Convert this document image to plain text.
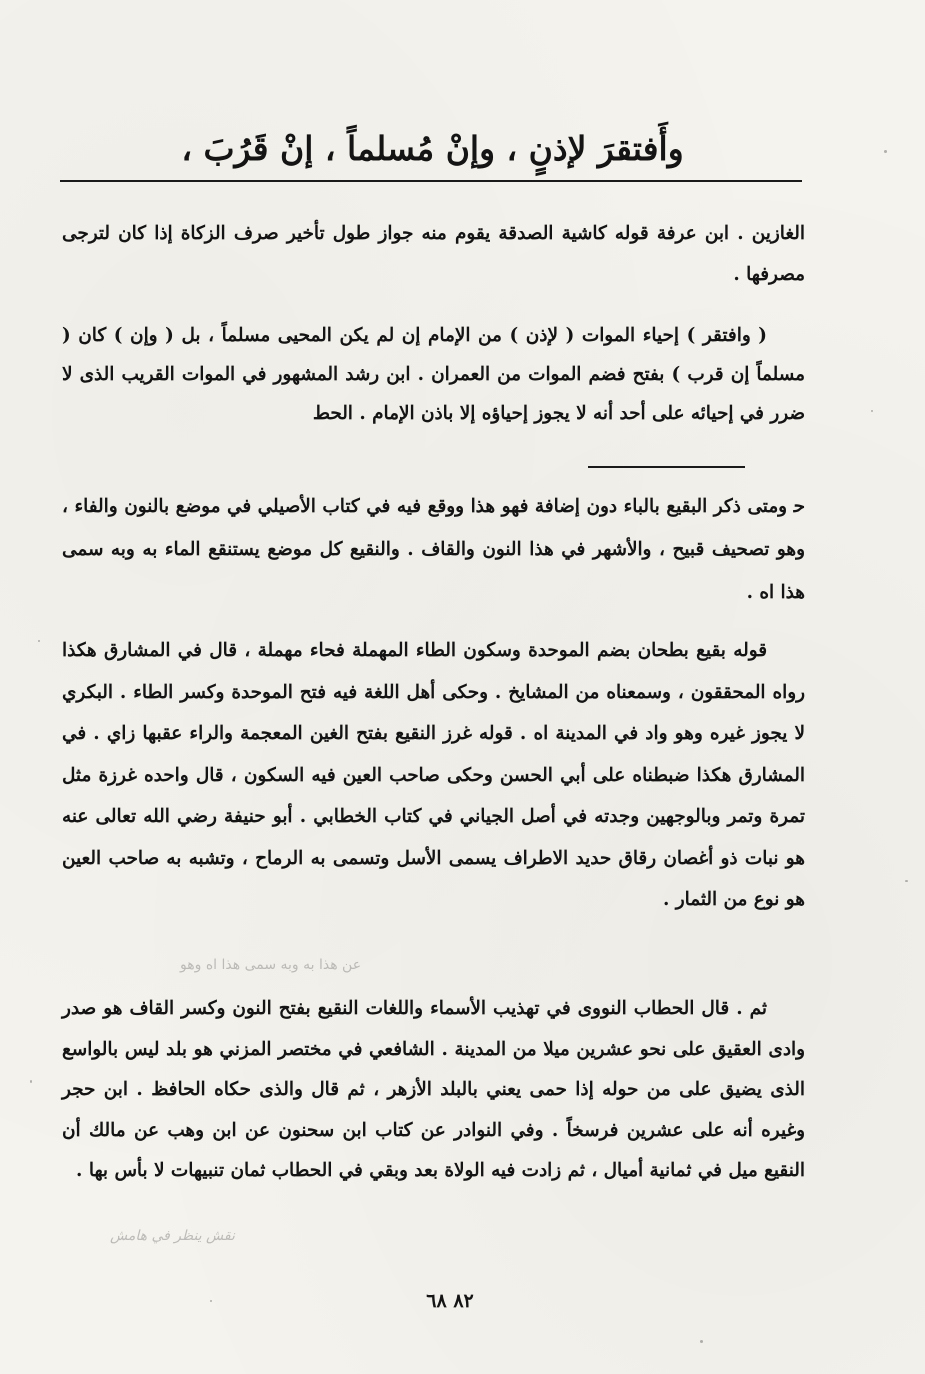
وأَفتقرَ لإذنٍ ، وإنْ مُسلماً ، إنْ قَرُبَ ،

الغازين . ابن عرفة قوله كاشية الصدقة يقوم منه جواز طول تأخير صرف الزكاة إذا كان لترجى مصرفها .

( وافتقر ) إحياء الموات ( لإذن ) من الإمام إن لم يكن المحيى مسلماً ، بل ( وإن ) كان ( مسلماً إن قرب ) بفتح فضم الموات من العمران . ابن رشد المشهور في الموات القريب الذى لا ضرر في إحيائه على أحد أنه لا يجوز إحياؤه إلا باذن الإمام . الحط

ﺣ ومتى ذكر البقيع بالباء دون إضافة فهو هذا ووقع فيه في كتاب الأصيلي في موضع بالنون والفاء ، وهو تصحيف قبيح ، والأشهر في هذا النون والقاف . والنقيع كل موضع يستنقع الماء به وبه سمى هذا اه .

قوله بقيع بطحان بضم الموحدة وسكون الطاء المهملة فحاء مهملة ، قال في المشارق هكذا رواه المحققون ، وسمعناه من المشايخ . وحكى أهل اللغة فيه فتح الموحدة وكسر الطاء . البكري لا يجوز غيره وهو واد في المدينة اه . قوله غرز النقيع بفتح الغين المعجمة والراء عقبها زاي . في المشارق هكذا ضبطناه على أبي الحسن وحكى صاحب العين فيه السكون ، قال واحده غرزة مثل تمرة وتمر وبالوجهين وجدته في أصل الجياني في كتاب الخطابي . أبو حنيفة رضي الله تعالى عنه هو نبات ذو أغصان رقاق حديد الاطراف يسمى الأسل وتسمى به الرماح ، وتشبه به صاحب العين هو نوع من الثمار .

ثم . قال الحطاب النووى في تهذيب الأسماء واللغات النقيع بفتح النون وكسر القاف هو صدر وادى العقيق على نحو عشرين ميلا من المدينة . الشافعي في مختصر المزني هو بلد ليس بالواسع الذى يضيق على من حوله إذا حمى يعني بالبلد الأزهر ، ثم قال والذى حكاه الحافظ . ابن حجر وغيره أنه على عشرين فرسخاً . وفي النوادر عن كتاب ابن سحنون عن ابن وهب عن مالك أن النقيع ميل في ثمانية أميال ، ثم زادت فيه الولاة بعد وبقي في الحطاب ثمان تنبيهات لا بأس بها .

٨٢ ٦٨
ﻋﻦ ﻫﺬﺍ ﺑﻪ ﻭﺑﻪ ﺳﻤﻰ ﻫﺬﺍ ﺍﻩ ﻭﻫﻮ
ﻧﻘﺶ ﻳﻨﻈﺮ ﻓﻲ ﻫﺎﻣﺶ
